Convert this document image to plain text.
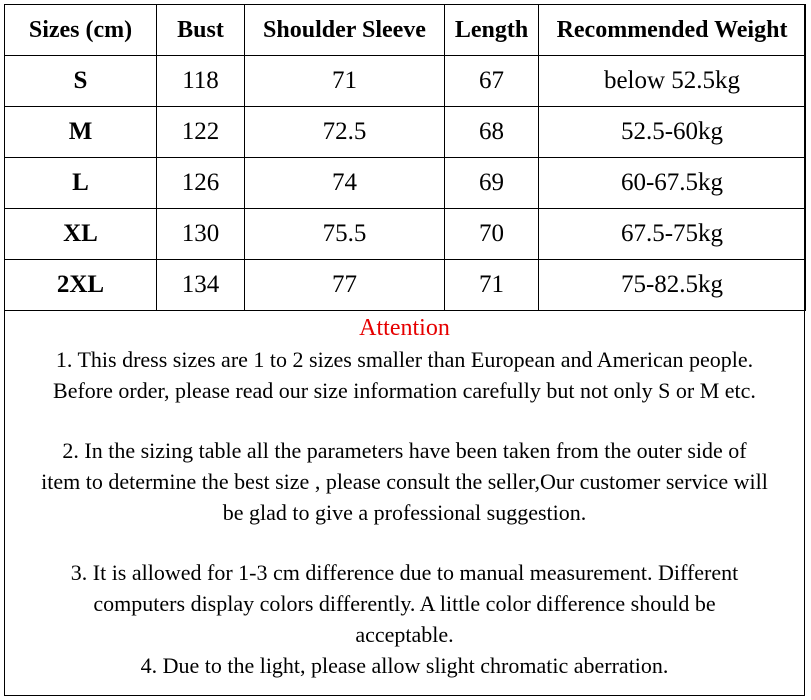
Sizes (cm)	Bust	Shoulder Sleeve	Length	Recommended Weight
S	118	71	67	below 52.5kg
M	122	72.5	68	52.5-60kg
L	126	74	69	60-67.5kg
XL	130	75.5	70	67.5-75kg
2XL	134	77	71	75-82.5kg

Attention

1. This dress sizes are 1 to 2 sizes smaller than European and American people.

Before order, please read our size information carefully but not only S or M etc.

2. In the sizing table all the parameters have been taken from the outer side of

item to determine the best size , please consult the seller,Our customer service will

be glad to give a professional suggestion.

3. It is allowed for 1-3 cm difference due to manual measurement. Different

computers display colors differently. A little color difference should be

acceptable.

4. Due to the light, please allow slight chromatic aberration.
